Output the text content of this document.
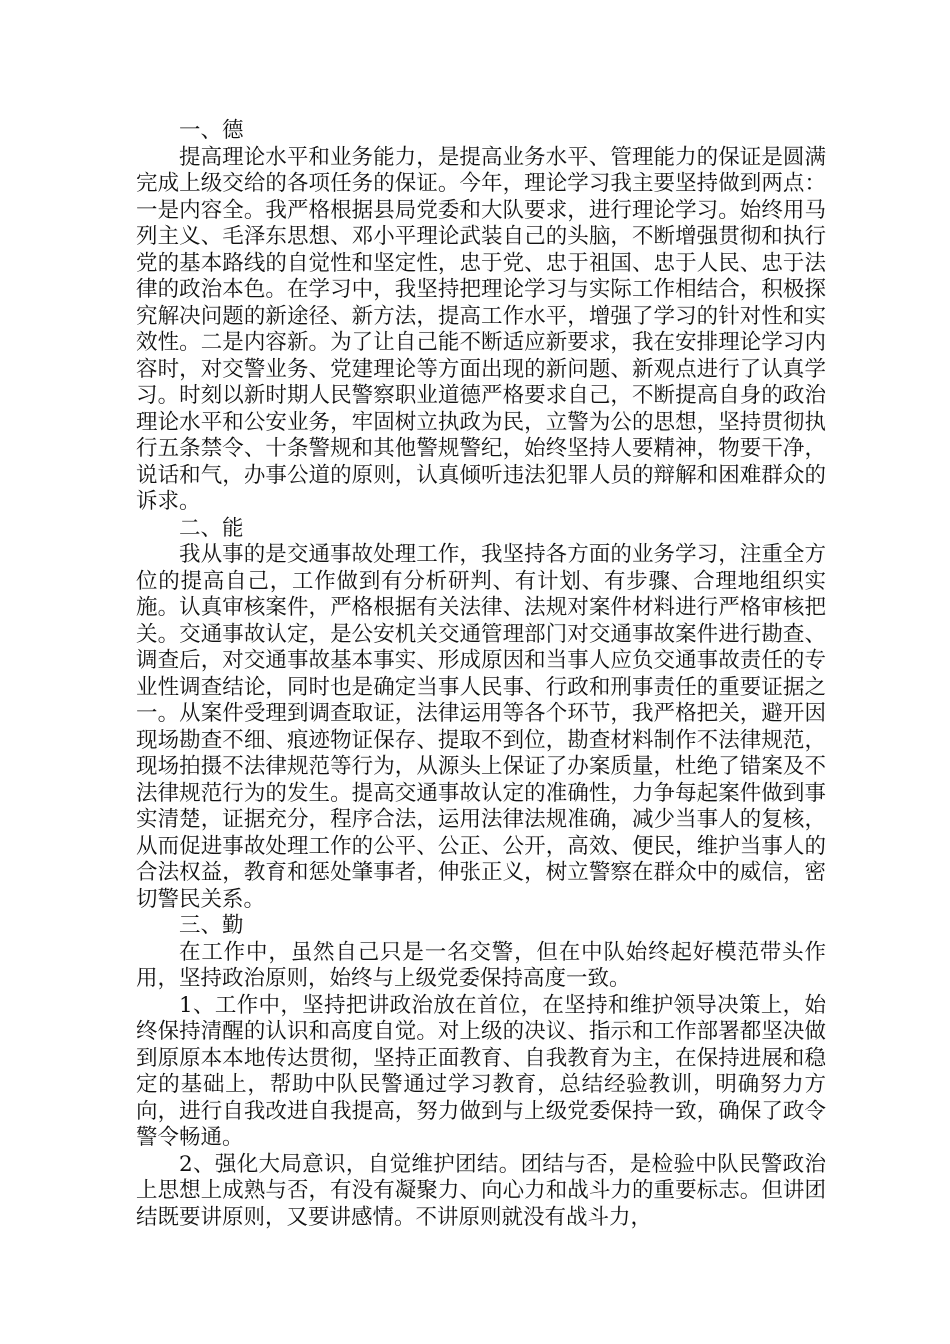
一、德

提高理论水平和业务能力，是提高业务水平、管理能力的保证是圆满完成上级交给的各项任务的保证。今年，理论学习我主要坚持做到两点：一是内容全。我严格根据县局党委和大队要求，进行理论学习。始终用马列主义、毛泽东思想、邓小平理论武装自己的头脑，不断增强贯彻和执行党的基本路线的自觉性和坚定性，忠于党、忠于祖国、忠于人民、忠于法律的政治本色。在学习中，我坚持把理论学习与实际工作相结合，积极探究解决问题的新途径、新方法，提高工作水平，增强了学习的针对性和实效性。二是内容新。为了让自己能不断适应新要求，我在安排理论学习内容时，对交警业务、党建理论等方面出现的新问题、新观点进行了认真学习。时刻以新时期人民警察职业道德严格要求自己，不断提高自身的政治理论水平和公安业务，牢固树立执政为民，立警为公的思想，坚持贯彻执行五条禁令、十条警规和其他警规警纪，始终坚持人要精神，物要干净，说话和气，办事公道的原则，认真倾听违法犯罪人员的辩解和困难群众的诉求。

二、能

我从事的是交通事故处理工作，我坚持各方面的业务学习，注重全方位的提高自己，工作做到有分析研判、有计划、有步骤、合理地组织实施。认真审核案件，严格根据有关法律、法规对案件材料进行严格审核把关。交通事故认定，是公安机关交通管理部门对交通事故案件进行勘查、调查后，对交通事故基本事实、形成原因和当事人应负交通事故责任的专业性调查结论，同时也是确定当事人民事、行政和刑事责任的重要证据之一。从案件受理到调查取证，法律运用等各个环节，我严格把关，避开因现场勘查不细、痕迹物证保存、提取不到位，勘查材料制作不法律规范，现场拍摄不法律规范等行为，从源头上保证了办案质量，杜绝了错案及不法律规范行为的发生。提高交通事故认定的准确性，力争每起案件做到事实清楚，证据充分，程序合法，运用法律法规准确，减少当事人的复核，从而促进事故处理工作的公平、公正、公开，高效、便民，维护当事人的合法权益，教育和惩处肇事者，伸张正义，树立警察在群众中的威信，密切警民关系。

三、勤

在工作中，虽然自己只是一名交警，但在中队始终起好模范带头作用，坚持政治原则，始终与上级党委保持高度一致。

1、工作中，坚持把讲政治放在首位，在坚持和维护领导决策上，始终保持清醒的认识和高度自觉。对上级的决议、指示和工作部署都坚决做到原原本本地传达贯彻，坚持正面教育、自我教育为主，在保持进展和稳定的基础上，帮助中队民警通过学习教育，总结经验教训，明确努力方向，进行自我改进自我提高，努力做到与上级党委保持一致，确保了政令警令畅通。

2、强化大局意识，自觉维护团结。团结与否，是检验中队民警政治上思想上成熟与否，有没有凝聚力、向心力和战斗力的重要标志。但讲团结既要讲原则，又要讲感情。不讲原则就没有战斗力，
